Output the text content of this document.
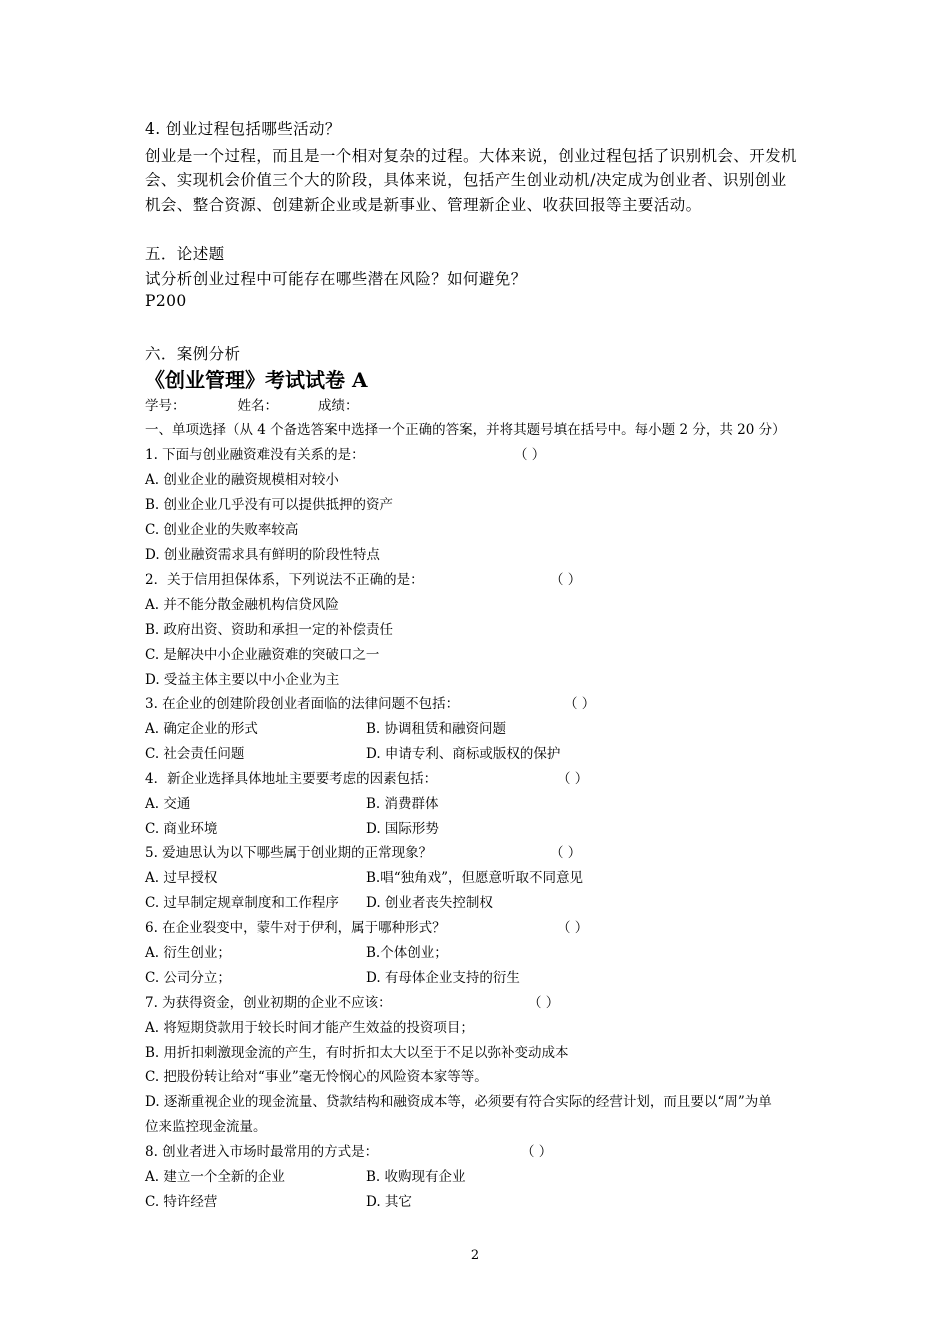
4. 创业过程包括哪些活动？
创业是一个过程，而且是一个相对复杂的过程。大体来说，创业过程包括了识别机会、开发机
会、实现机会价值三个大的阶段，具体来说，包括产生创业动机/决定成为创业者、识别创业
机会、整合资源、创建新企业或是新事业、管理新企业、收获回报等主要活动。
五．论述题
试分析创业过程中可能存在哪些潜在风险？如何避免？
P200
六．案例分析
《创业管理》考试试卷 A
学号：	姓名：	成绩：
一、单项选择（从 4 个备选答案中选择一个正确的答案，并将其题号填在括号中。每小题 2 分，共 20 分）
1. 下面与创业融资难没有关系的是：	（ ）
A. 创业企业的融资规模相对较小
B. 创业企业几乎没有可以提供抵押的资产
C. 创业企业的失败率较高
D. 创业融资需求具有鲜明的阶段性特点
2．关于信用担保体系，下列说法不正确的是：	（ ）
A. 并不能分散金融机构信贷风险
B. 政府出资、资助和承担一定的补偿责任
C. 是解决中小企业融资难的突破口之一
D. 受益主体主要以中小企业为主
3. 在企业的创建阶段创业者面临的法律问题不包括：	（ ）
A. 确定企业的形式	B. 协调租赁和融资问题
C. 社会责任问题	D. 申请专利、商标或版权的保护
4．新企业选择具体地址主要要考虑的因素包括：	（ ）
A. 交通	B. 消费群体
C. 商业环境	D. 国际形势
5. 爱迪思认为以下哪些属于创业期的正常现象？	（ ）
A. 过早授权	B.唱“独角戏”，但愿意听取不同意见
C. 过早制定规章制度和工作程序 D. 创业者丧失控制权
6. 在企业裂变中，蒙牛对于伊利，属于哪种形式？	（ ）
A. 衍生创业；	B.个体创业；
C. 公司分立；	D. 有母体企业支持的衍生
7. 为获得资金，创业初期的企业不应该：	（ ）
A. 将短期贷款用于较长时间才能产生效益的投资项目；
B. 用折扣刺激现金流的产生，有时折扣太大以至于不足以弥补变动成本
C. 把股份转让给对“事业”毫无怜悯心的风险资本家等等。
D. 逐渐重视企业的现金流量、贷款结构和融资成本等，必须要有符合实际的经营计划，而且要以“周”为单
位来监控现金流量。
8. 创业者进入市场时最常用的方式是：	（ ）
A. 建立一个全新的企业	B. 收购现有企业
C. 特许经营	D. 其它
2
